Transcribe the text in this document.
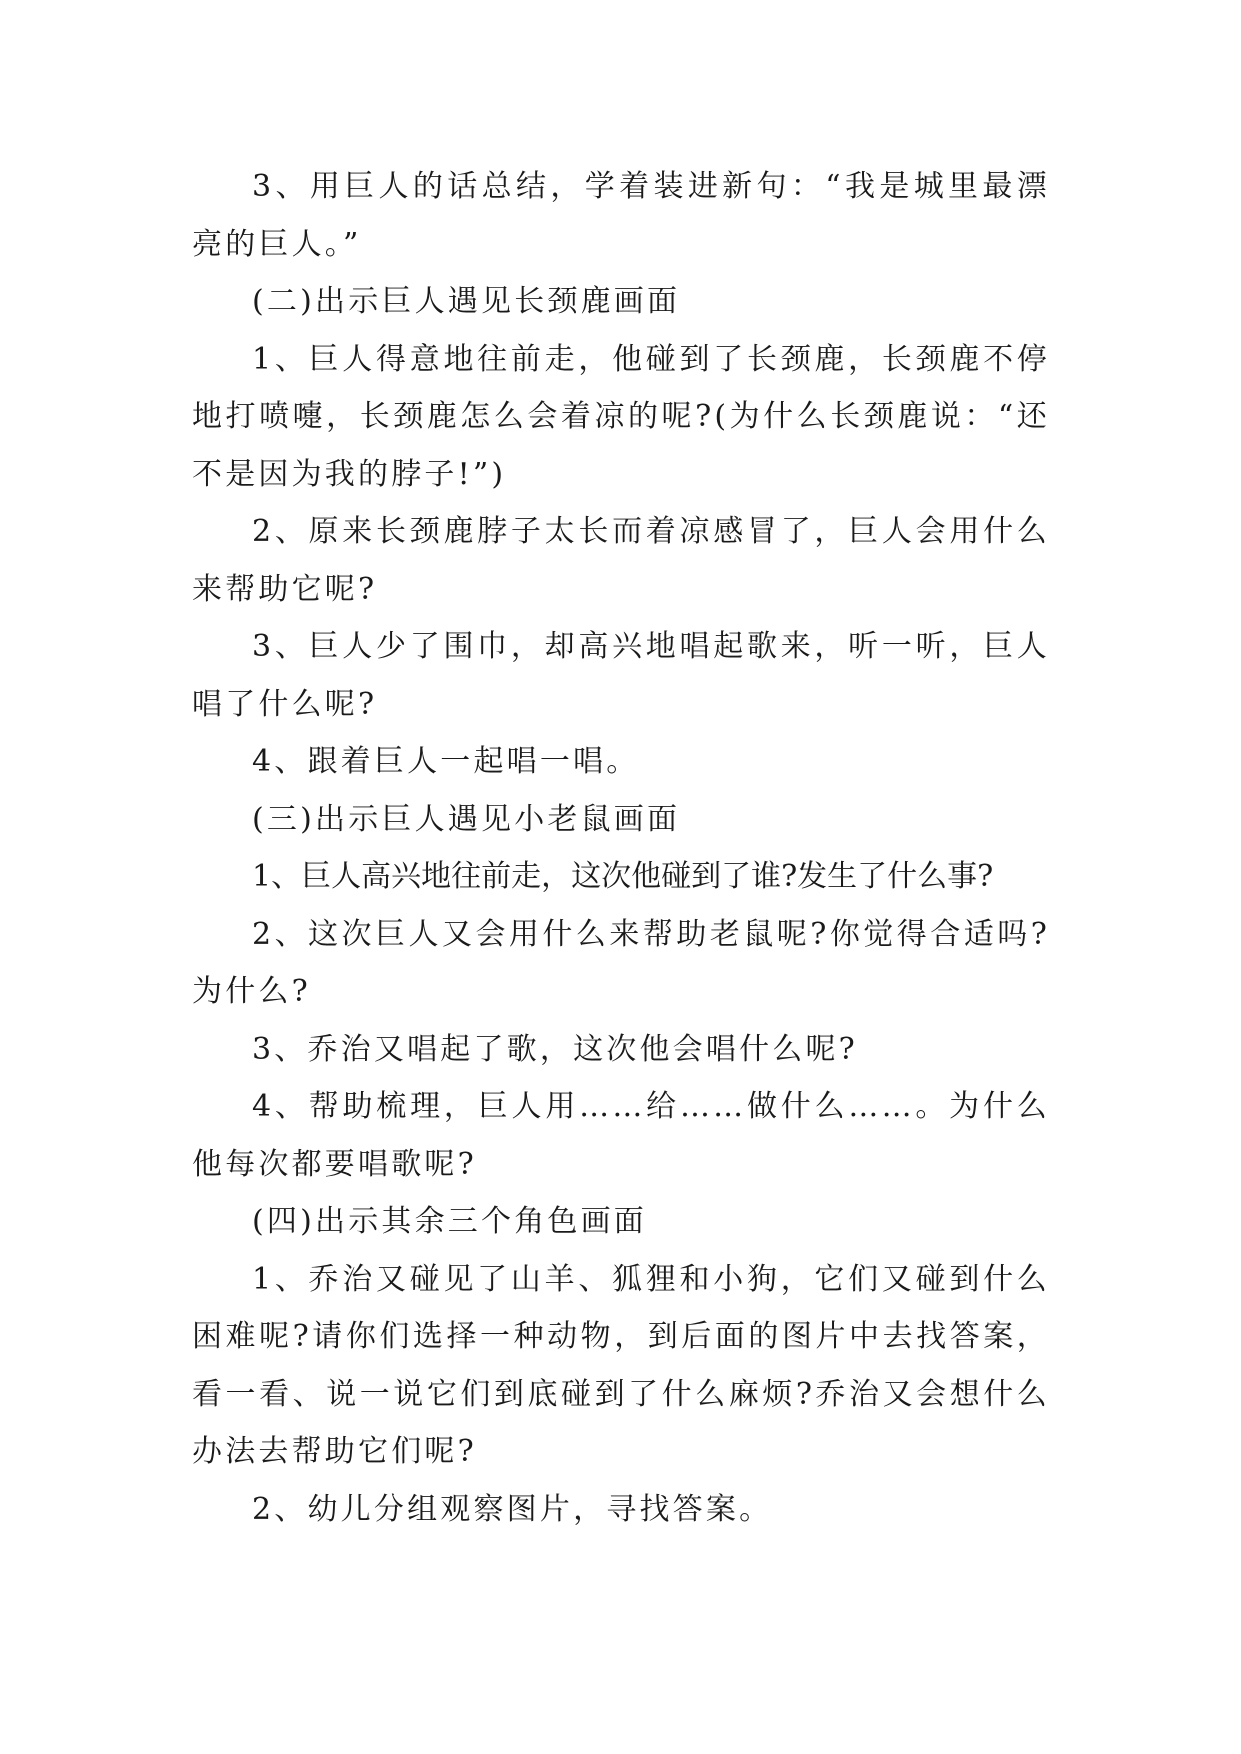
3、用巨人的话总结，学着装进新句：“我是城里最漂亮的巨人。”

(二)出示巨人遇见长颈鹿画面

1、巨人得意地往前走，他碰到了长颈鹿，长颈鹿不停地打喷嚏，长颈鹿怎么会着凉的呢?(为什么长颈鹿说：“还不是因为我的脖子!”)

2、原来长颈鹿脖子太长而着凉感冒了，巨人会用什么来帮助它呢?

3、巨人少了围巾，却高兴地唱起歌来，听一听，巨人唱了什么呢?

4、跟着巨人一起唱一唱。

(三)出示巨人遇见小老鼠画面

1、巨人高兴地往前走，这次他碰到了谁?发生了什么事?

2、这次巨人又会用什么来帮助老鼠呢?你觉得合适吗?为什么?

3、乔治又唱起了歌，这次他会唱什么呢?

4、帮助梳理，巨人用……给……做什么……。为什么他每次都要唱歌呢?

(四)出示其余三个角色画面

1、乔治又碰见了山羊、狐狸和小狗，它们又碰到什么困难呢?请你们选择一种动物，到后面的图片中去找答案，看一看、说一说它们到底碰到了什么麻烦?乔治又会想什么办法去帮助它们呢?

2、幼儿分组观察图片，寻找答案。
